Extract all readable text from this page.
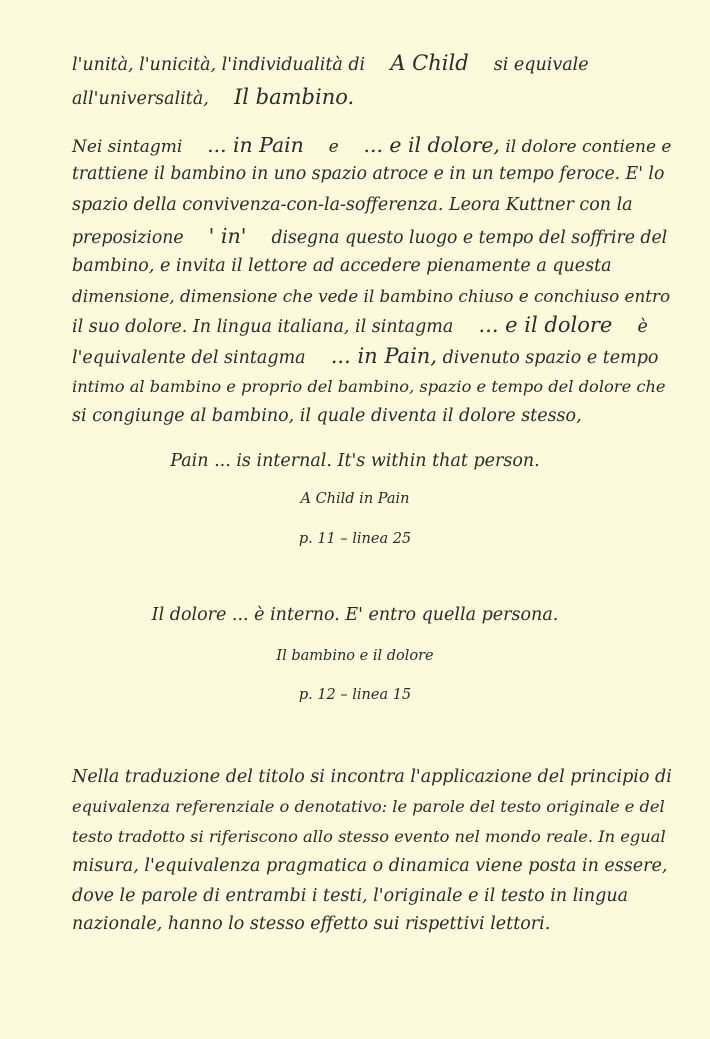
l'unità, l'unicità, l'individualità di A Child si equivale
all'universalità, Il bambino.
Nei sintagmi ... in Pain e ... e il dolore, il dolore contiene e
trattiene il bambino in uno spazio atroce e in un tempo feroce. E' lo
spazio della convivenza-con-la-sofferenza. Leora Kuttner con la
preposizione ' in' disegna questo luogo e tempo del soffrire del
bambino, e invita il lettore ad accedere pienamente a questa
dimensione, dimensione che vede il bambino chiuso e conchiuso entro
il suo dolore. In lingua italiana, il sintagma ... e il dolore è
l'equivalente del sintagma ... in Pain, divenuto spazio e tempo
intimo al bambino e proprio del bambino, spazio e tempo del dolore che
si congiunge al bambino, il quale diventa il dolore stesso,
Pain ... is internal. It's within that person.
A Child in Pain
p. 11 – linea 25
Il dolore ... è interno. E' entro quella persona.
Il bambino e il dolore
p. 12 – linea 15
Nella traduzione del titolo si incontra l'applicazione del principio di
equivalenza referenziale o denotativo: le parole del testo originale e del
testo tradotto si riferiscono allo stesso evento nel mondo reale. In egual
misura, l'equivalenza pragmatica o dinamica viene posta in essere,
dove le parole di entrambi i testi, l'originale e il testo in lingua
nazionale, hanno lo stesso effetto sui rispettivi lettori.
